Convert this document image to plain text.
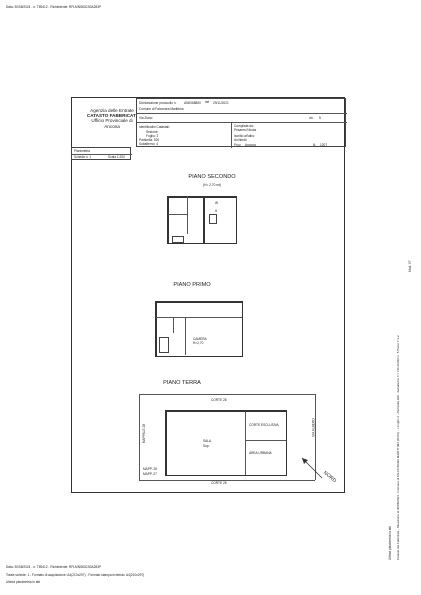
Data: 30/08/2024 - n. T89412 - Richiedente: RFLMNS83C50A283P
Agenzia delle Entrate
CATASTO FABBRICATI
Ufficio Provinciale di
Ancona
Dichiarazione protocollo n. AN0068850 del 29/11/2021
Comune di Falconara Marittima
Via Ziano	civ. 5
Identificativi Catastali:
Sezione:
Foglio: 3
Particella: 920
Subalterno: 4
Compilata da:
Pesaresi Nicola
Iscritto all'albo:
Architetti
Prov. Ancona	N. 1207
Planimetria
Scheda n. 1	Scala 1:200
PIANO SECONDO
(H= 2,70 mt)
W
H
PIANO PRIMO
CAMERA
H=2,70
PIANO TERRA
SALA
Sup.
CORTE ESCLUSIVA
AREA URBANA
CORTE 28
CORTE 28
MAPPALE 28
MAPP. 27
VIA ALBERO
MAPP. 28
NORD
Ultima planimetria in atti Catasto dei Fabbricati - Situazione al 30/08/2024 - Comune di FALCONARA MARITTIMA (D472) - < Foglio 3 - Particella 920 - Subalterno 4 > VIA ZIANO n. 5 Piano T-1-2
Mod. 97
Data: 30/08/2024 - n. T89412 - Richiedente: RFLMNS83C50A283P
Totale schede: 1 - Formato di acquisizione: A4(210x297) - Formato stampa richiesto: A4(210x297)
Ultima planimetria in atti
